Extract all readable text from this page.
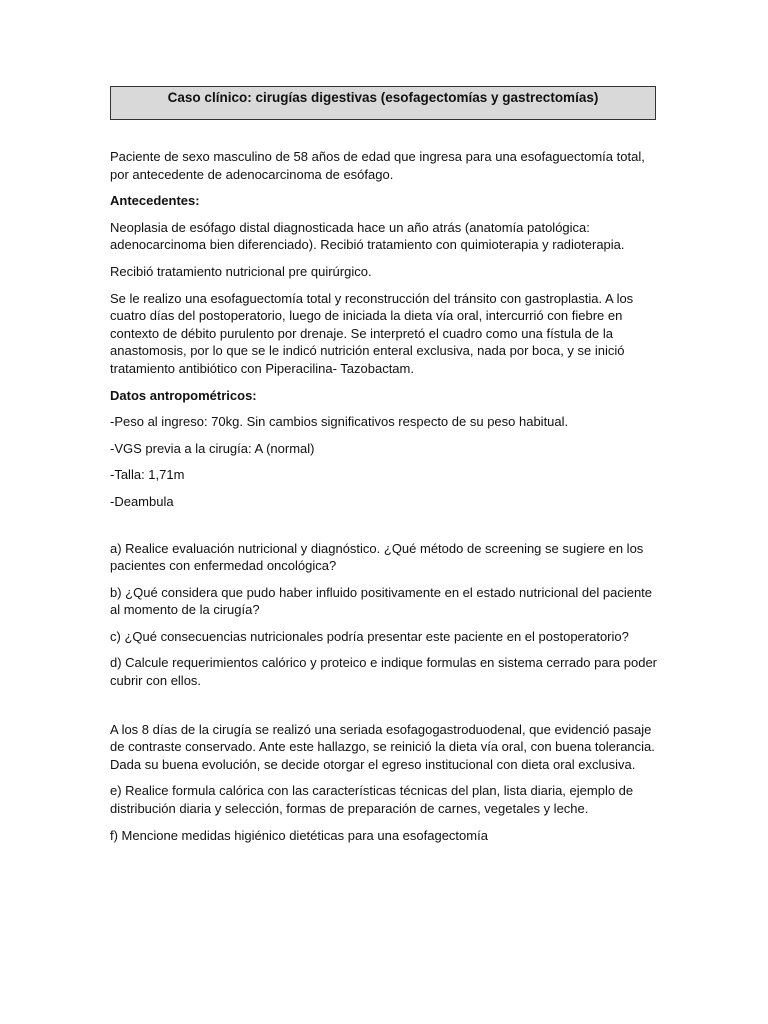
Caso clínico: cirugías digestivas (esofagectomías y gastrectomías)

Paciente de sexo masculino de 58 años de edad que ingresa para una esofaguectomía total, por antecedente de adenocarcinoma de esófago.

Antecedentes:

Neoplasia de esófago distal diagnosticada hace un año atrás (anatomía patológica: adenocarcinoma bien diferenciado). Recibió tratamiento con quimioterapia y radioterapia.

Recibió tratamiento nutricional pre quirúrgico.

Se le realizo una esofaguectomía total y reconstrucción del tránsito con gastroplastia. A los cuatro días del postoperatorio, luego de iniciada la dieta vía oral, intercurrió con fiebre en contexto de débito purulento por drenaje. Se interpretó el cuadro como una fístula de la anastomosis, por lo que se le indicó nutrición enteral exclusiva, nada por boca, y se inició tratamiento antibiótico con Piperacilina- Tazobactam.

Datos antropométricos:

-Peso al ingreso: 70kg. Sin cambios significativos respecto de su peso habitual.

-VGS previa a la cirugía: A (normal)

-Talla: 1,71m

-Deambula

a) Realice evaluación nutricional y diagnóstico. ¿Qué método de screening se sugiere en los pacientes con enfermedad oncológica?

b) ¿Qué considera que pudo haber influido positivamente en el estado nutricional del paciente al momento de la cirugía?

c) ¿Qué consecuencias nutricionales podría presentar este paciente en el postoperatorio?

d) Calcule requerimientos calórico y proteico e indique formulas en sistema cerrado para poder cubrir con ellos.

A los 8 días de la cirugía se realizó una seriada esofagogastroduodenal, que evidenció pasaje de contraste conservado. Ante este hallazgo, se reinició la dieta vía oral, con buena tolerancia. Dada su buena evolución, se decide otorgar el egreso institucional con dieta oral exclusiva.

e) Realice formula calórica con las características técnicas del plan, lista diaria, ejemplo de distribución diaria y selección, formas de preparación de carnes, vegetales y leche.

f) Mencione medidas higiénico dietéticas para una esofagectomía
